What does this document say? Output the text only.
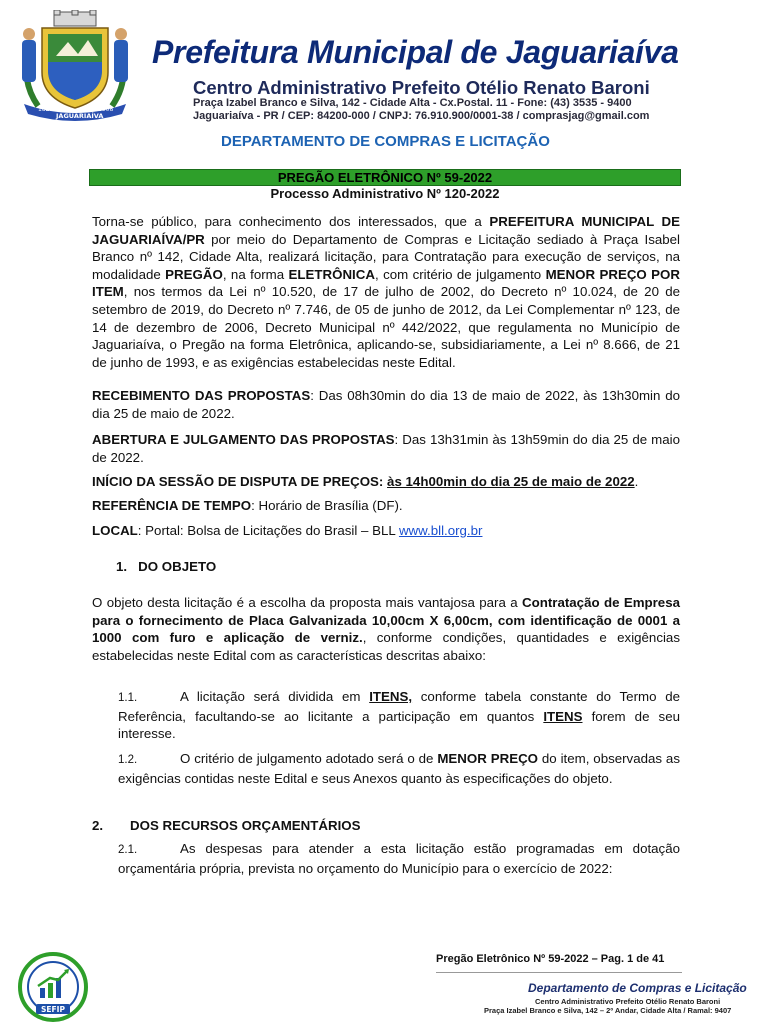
1823	1908
JAGUARIAÍVA
Prefeitura Municipal de Jaguariaíva
Centro Administrativo Prefeito Otélio Renato Baroni
Praça Izabel Branco e Silva, 142 - Cidade Alta - Cx.Postal. 11 - Fone: (43) 3535 - 9400
Jaguariaíva - PR / CEP: 84200-000 / CNPJ: 76.910.900/0001-38 / comprasjag@gmail.com
DEPARTAMENTO DE COMPRAS E LICITAÇÃO
PREGÃO ELETRÔNICO Nº 59-2022
Processo Administrativo Nº 120-2022
Torna-se público, para conhecimento dos interessados, que a PREFEITURA MUNICIPAL DE JAGUARIAÍVA/PR por meio do Departamento de Compras e Licitação sediado à Praça Isabel Branco nº 142, Cidade Alta, realizará licitação, para Contratação para execução de serviços, na modalidade PREGÃO, na forma ELETRÔNICA, com critério de julgamento MENOR PREÇO POR ITEM, nos termos da Lei nº 10.520, de 17 de julho de 2002, do Decreto nº 10.024, de 20 de setembro de 2019, do Decreto nº 7.746, de 05 de junho de 2012, da Lei Complementar nº 123, de 14 de dezembro de 2006, Decreto Municipal nº 442/2022, que regulamenta no Município de Jaguariaíva, o Pregão na forma Eletrônica, aplicando-se, subsidiariamente, a Lei nº 8.666, de 21 de junho de 1993, e as exigências estabelecidas neste Edital.
RECEBIMENTO DAS PROPOSTAS: Das 08h30min do dia 13 de maio de 2022, às 13h30min do dia 25 de maio de 2022.
ABERTURA E JULGAMENTO DAS PROPOSTAS: Das 13h31min às 13h59min do dia 25 de maio de 2022.
INÍCIO DA SESSÃO DE DISPUTA DE PREÇOS: às 14h00min do dia 25 de maio de 2022.
REFERÊNCIA DE TEMPO: Horário de Brasília (DF).
LOCAL: Portal: Bolsa de Licitações do Brasil – BLL www.bll.org.br
1.   DO OBJETO
O objeto desta licitação é a escolha da proposta mais vantajosa para a Contratação de Empresa para o fornecimento de Placa Galvanizada 10,00cm X 6,00cm, com identificação de 0001 a 1000 com furo e aplicação de verniz., conforme condições, quantidades e exigências estabelecidas neste Edital com as características descritas abaixo:
1.1.	A licitação será dividida em ITENS, conforme tabela constante do Termo de Referência, facultando-se ao licitante a participação em quantos ITENS forem de seu interesse.
1.2.	O critério de julgamento adotado será o de MENOR PREÇO do item, observadas as exigências contidas neste Edital e seus Anexos quanto às especificações do objeto.
2. DOS RECURSOS ORÇAMENTÁRIOS
2.1.	As despesas para atender a esta licitação estão programadas em dotação orçamentária própria, prevista no orçamento do Município para o exercício de 2022:
Pregão Eletrônico Nº 59-2022 – Pag. 1 de 41
SEFIP
Departamento de Compras e Licitação
Centro Administrativo Prefeito Otélio Renato Baroni
Praça Izabel Branco e Silva, 142 – 2º Andar, Cidade Alta / Ramal: 9407
